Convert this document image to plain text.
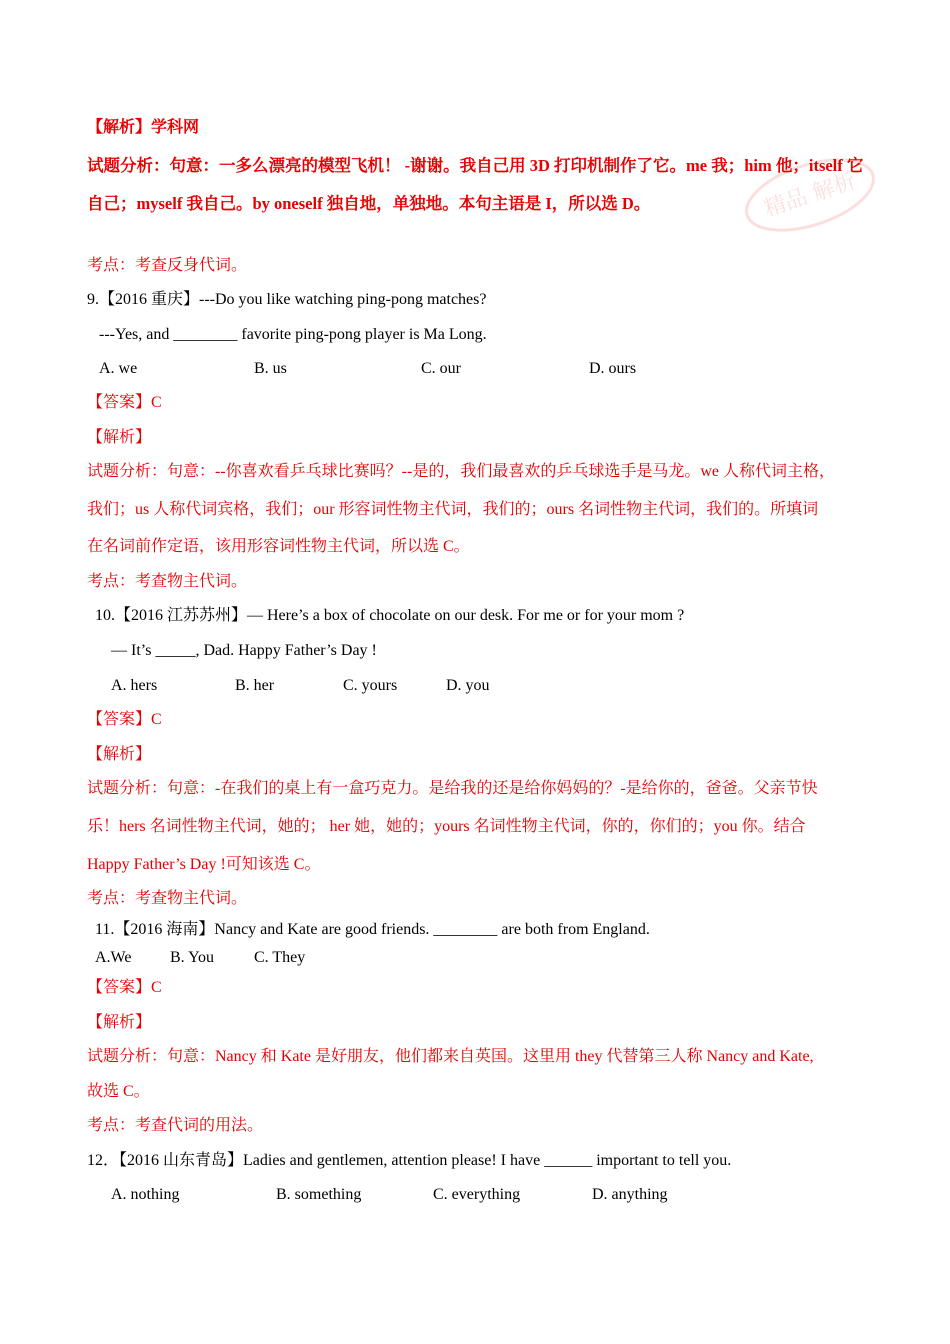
精品 解析
【解析】学科网
试题分析：句意：一多么漂亮的模型飞机！ -谢谢。我自己用 3D 打印机制作了它。me 我；him 他；itself 它
自己；myself 我自己。by oneself 独自地，单独地。本句主语是 I，所以选 D。
考点：考查反身代词。
9.【2016 重庆】---Do you like watching ping-pong matches?
---Yes, and ________ favorite ping-pong player is Ma Long.
A. we	B. us	C. our	D. ours
【答案】C
【解析】
试题分析：句意：--你喜欢看乒乓球比赛吗？--是的，我们最喜欢的乒乓球选手是马龙。we 人称代词主格，
我们；us 人称代词宾格，我们；our 形容词性物主代词，我们的；ours 名词性物主代词，我们的。所填词
在名词前作定语，该用形容词性物主代词，所以选 C。
考点：考查物主代词。
10.【2016 江苏苏州】— Here’s a box of chocolate on our desk. For me or for your mom ?
— It’s _____, Dad. Happy Father’s Day !
A. hers	B. her	C. yours	D. you
【答案】C
【解析】
试题分析：句意：-在我们的桌上有一盒巧克力。是给我的还是给你妈妈的？-是给你的，爸爸。父亲节快
乐！hers 名词性物主代词，她的； her 她，她的；yours 名词性物主代词，你的，你们的；you 你。结合
Happy Father’s Day !可知该选 C。
考点：考查物主代词。
11.【2016 海南】Nancy and Kate are good friends. ________ are both from England.
A.We B. You C. They
【答案】C
【解析】
试题分析：句意：Nancy 和 Kate 是好朋友，他们都来自英国。这里用 they 代替第三人称 Nancy and Kate,
故选 C。
考点：考查代词的用法。
12．【2016 山东青岛】Ladies and gentlemen, attention please! I have ______ important to tell you.
A. nothing	B. something	C. everything	D. anything
